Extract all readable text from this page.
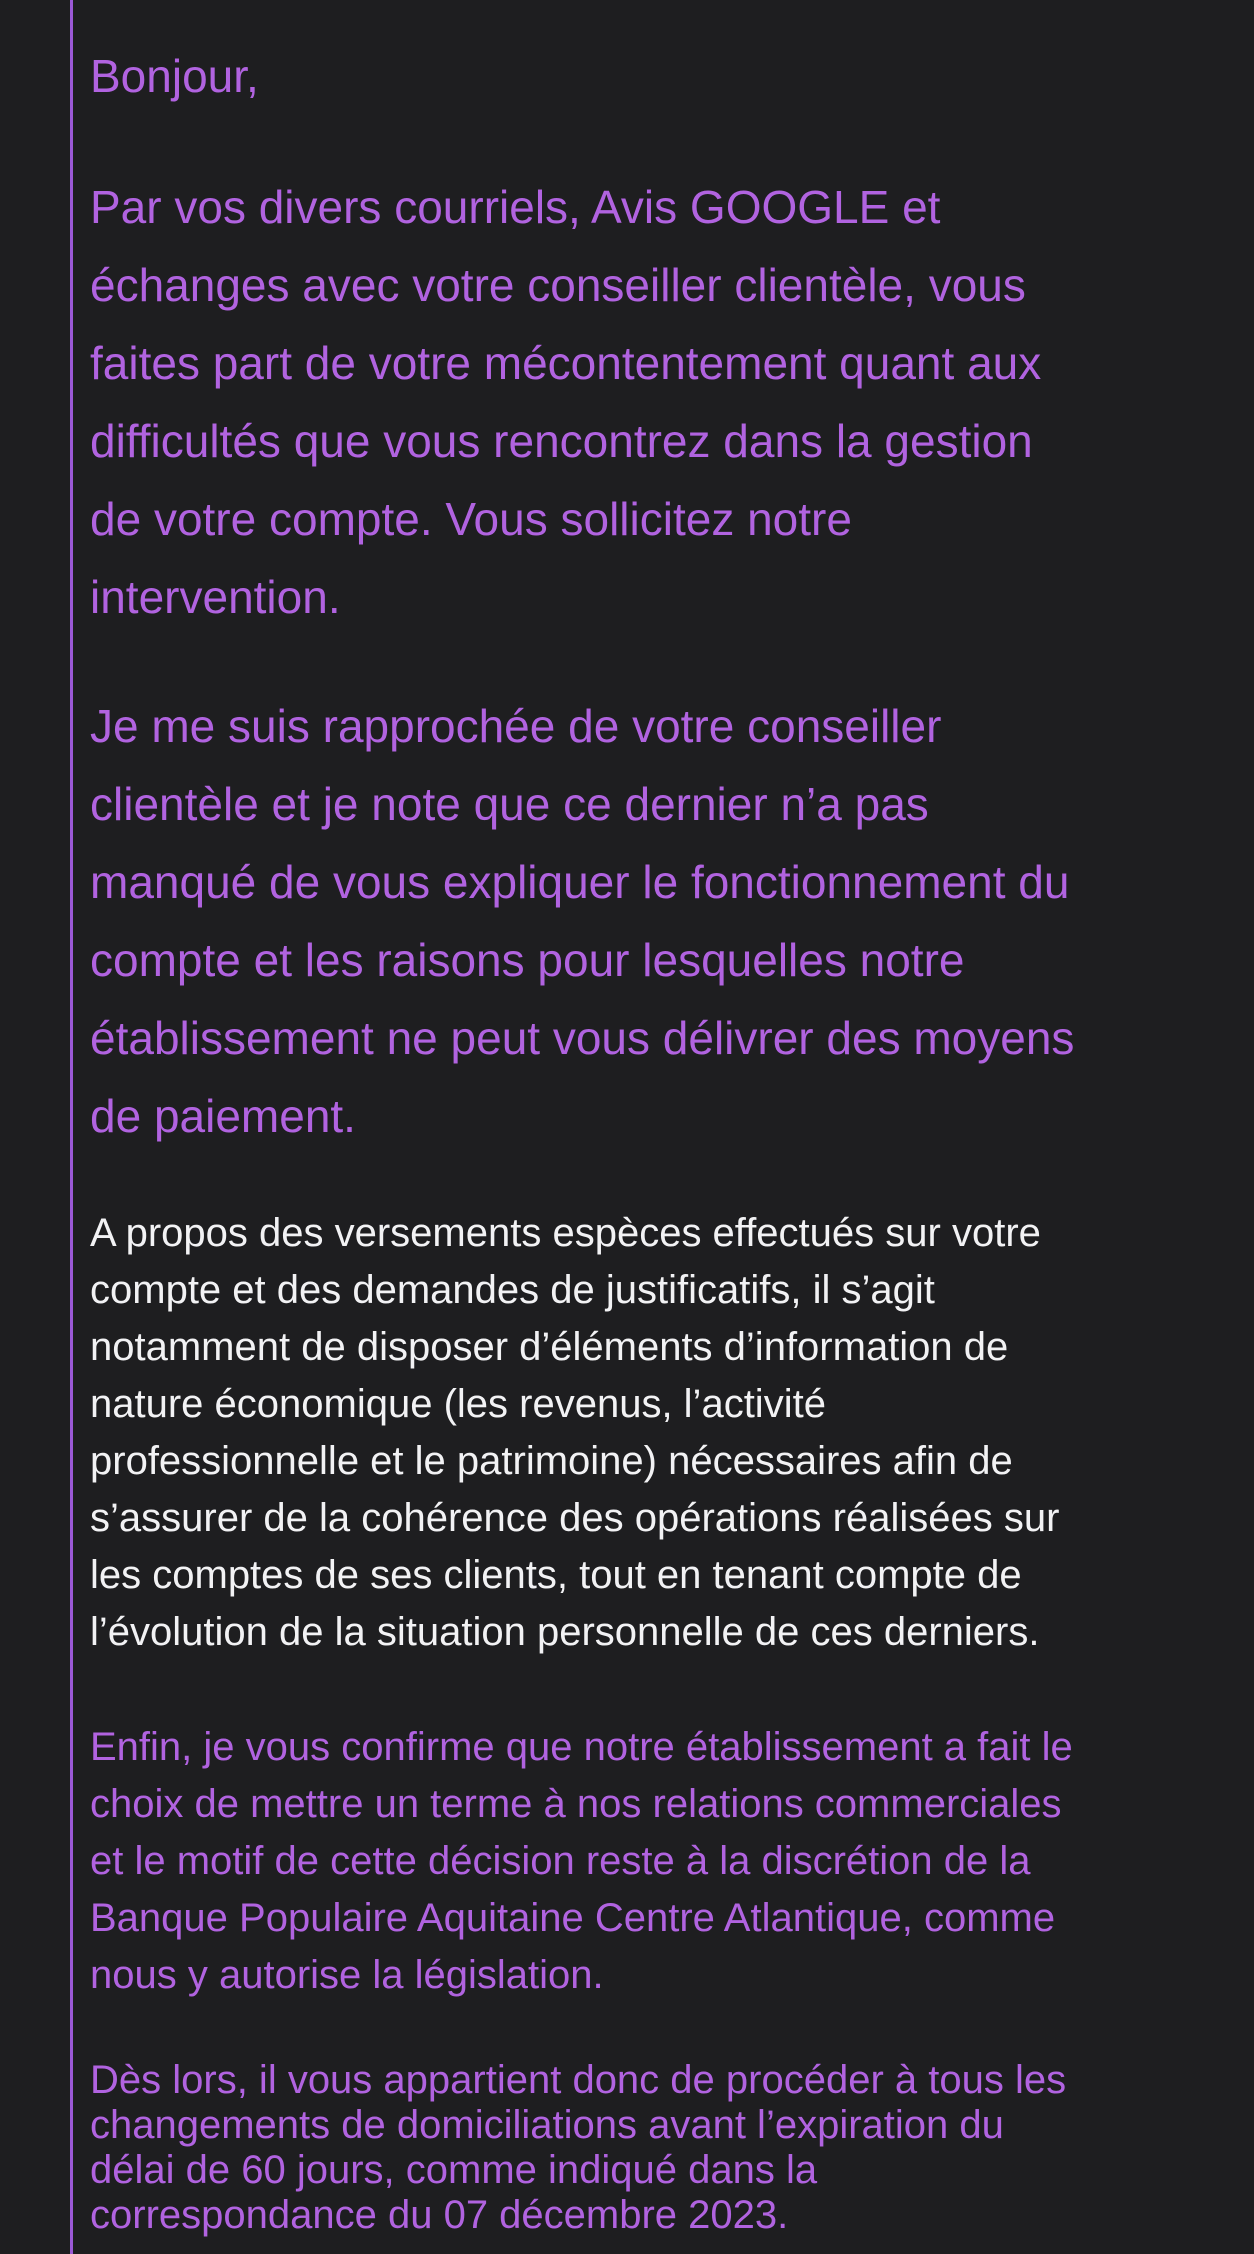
Bonjour,

Par vos divers courriels, Avis GOOGLE et
échanges avec votre conseiller clientèle, vous
faites part de votre mécontentement quant aux
difficultés que vous rencontrez dans la gestion
de votre compte. Vous sollicitez notre
intervention.

Je me suis rapprochée de votre conseiller
clientèle et je note que ce dernier n’a pas
manqué de vous expliquer le fonctionnement du
compte et les raisons pour lesquelles notre
établissement ne peut vous délivrer des moyens
de paiement.

A propos des versements espèces effectués sur votre
compte et des demandes de justificatifs, il s’agit
notamment de disposer d’éléments d’information de
nature économique (les revenus, l’activité
professionnelle et le patrimoine) nécessaires afin de
s’assurer de la cohérence des opérations réalisées sur
les comptes de ses clients, tout en tenant compte de
l’évolution de la situation personnelle de ces derniers.

Enfin, je vous confirme que notre établissement a fait le
choix de mettre un terme à nos relations commerciales
et le motif de cette décision reste à la discrétion de la
Banque Populaire Aquitaine Centre Atlantique, comme
nous y autorise la législation.

Dès lors, il vous appartient donc de procéder à tous les
changements de domiciliations avant l’expiration du
délai de 60 jours, comme indiqué dans la
correspondance du 07 décembre 2023.
